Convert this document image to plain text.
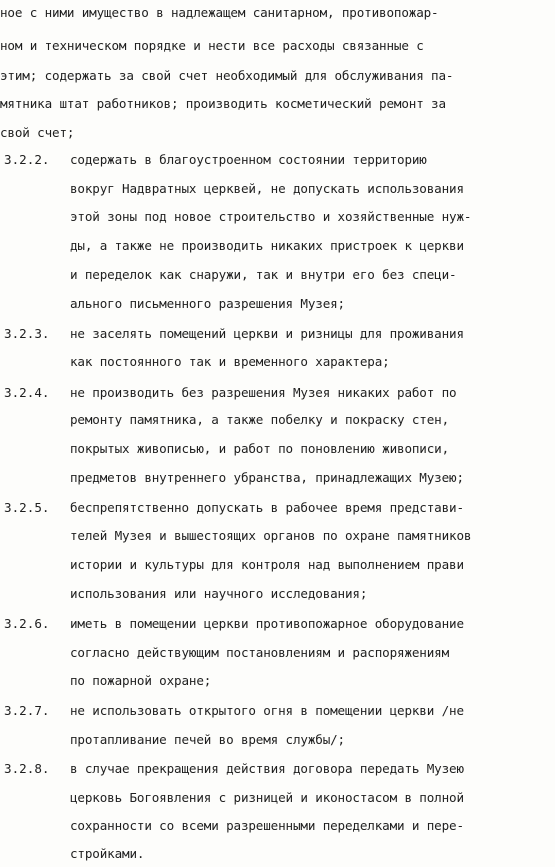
ное с ними имущество в надлежащем санитарном, противопожар-
ном и техническом порядке и нести все расходы связанные с
этим; содержать за свой счет необходимый для обслуживания па-
мятника штат работников; производить косметический ремонт за
свой счет;
3.2.2. содержать в благоустроенном состоянии территорию
вокруг Надвратных церквей, не допускать использования
этой зоны под новое строительство и хозяйственные нуж-
ды, а также не производить никаких пристроек к церкви
и переделок как снаружи, так и внутри его без специ-
ального письменного разрешения Музея;
3.2.3. не заселять помещений церкви и ризницы для проживания
как постоянного так и временного характера;
3.2.4. не производить без разрешения Музея никаких работ по
ремонту памятника, а также побелку и покраску стен,
покрытых живописью, и работ по поновлению живописи,
предметов внутреннего убранства, принадлежащих Музею;
3.2.5. беспрепятственно допускать в рабочее время представи-
телей Музея и вышестоящих органов по охране памятников
истории и культуры для контроля над выполнением прави
использования или научного исследования;
3.2.6. иметь в помещении церкви противопожарное оборудование
согласно действующим постановлениям и распоряжениям
по пожарной охране;
3.2.7. не использовать открытого огня в помещении церкви /не
протапливание печей во время службы/;
3.2.8. в случае прекращения действия договора передать Музею
церковь Богоявления с ризницей и иконостасом в полной
сохранности со всеми разрешенными переделками и пере-
стройками.
